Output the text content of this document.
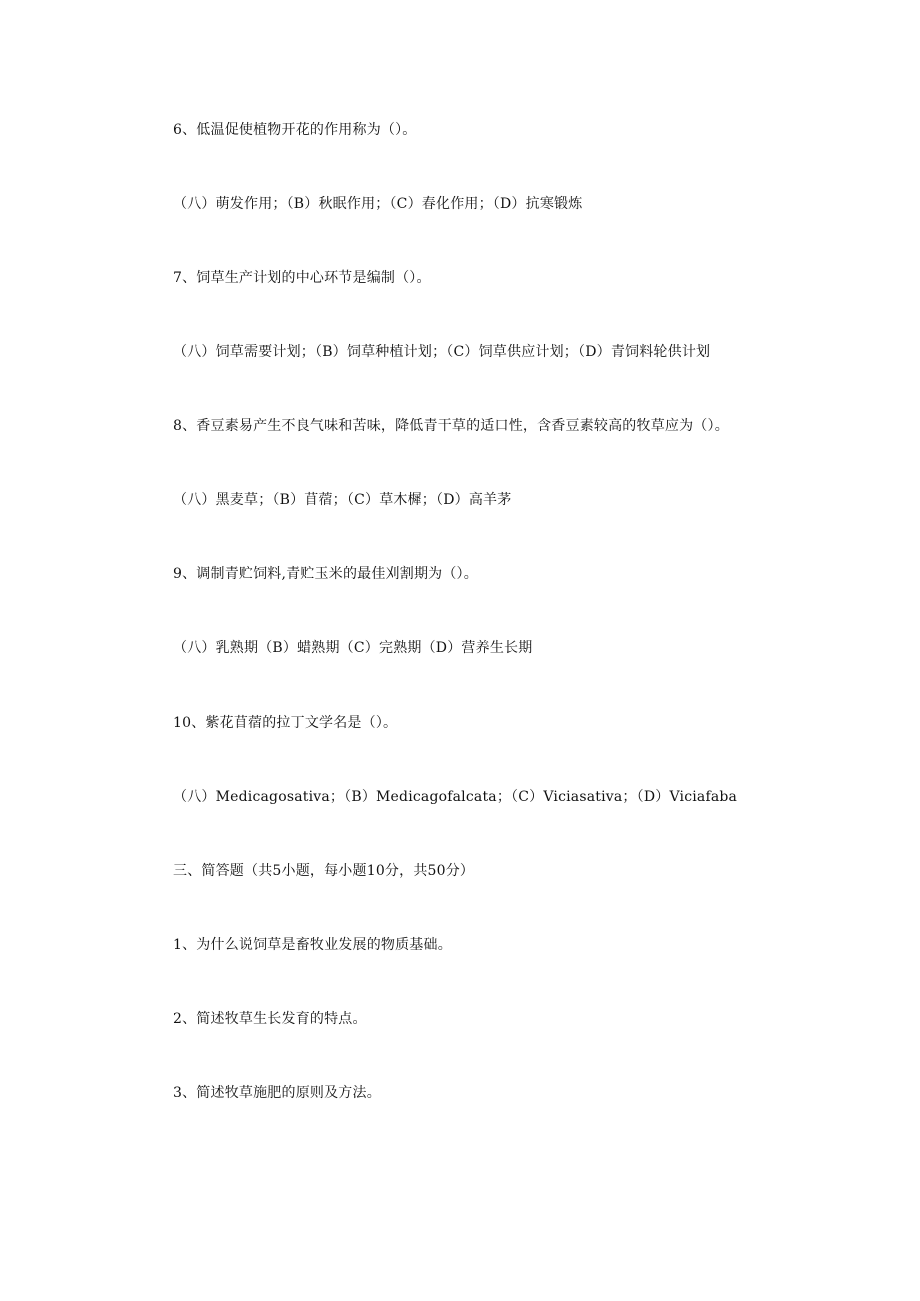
6、低温促使植物开花的作用称为（）。
（八）萌发作用；（B）秋眠作用；（C）春化作用；（D）抗寒锻炼
7、饲草生产计划的中心环节是编制（）。
（八）饲草需要计划；（B）饲草种植计划；（C）饲草供应计划；（D）青饲料轮供计划
8、香豆素易产生不良气味和苦味，降低青干草的适口性，含香豆素较高的牧草应为（）。
（八）黑麦草；（B）苜蓿；（C）草木樨；（D）高羊茅
9、调制青贮饲料,青贮玉米的最佳刈割期为（）。
（八）乳熟期（B）蜡熟期（C）完熟期（D）营养生长期
10、紫花苜蓿的拉丁文学名是（）。
（八）Medicagosativa；（B）Medicagofalcata；（C）Viciasativa；（D）Viciafaba
三、简答题（共5小题，每小题10分，共50分）
1、为什么说饲草是畜牧业发展的物质基础。
2、简述牧草生长发育的特点。
3、简述牧草施肥的原则及方法。
